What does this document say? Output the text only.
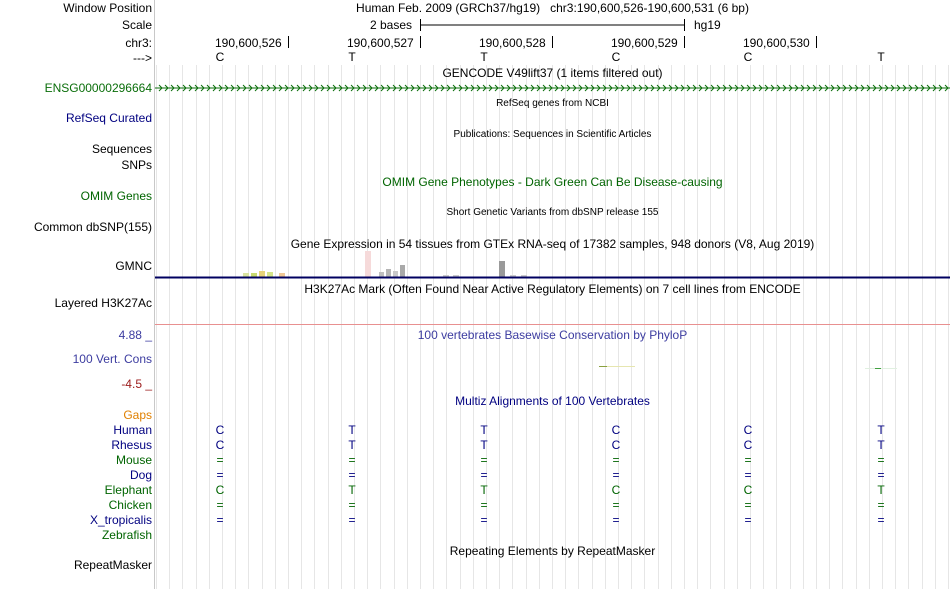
Window Position	Human Feb. 2009 (GRCh37/hg19)   chr3:190,600,526-190,600,531 (6 bp)
Scale	2 bases	hg19
chr3:	190,600,526	190,600,527	190,600,528	190,600,529	190,600,530
--->	C	T	T	C	C	T
GENCODE V49lift37 (1 items filtered out)
ENSG00000296664
RefSeq genes from NCBI
RefSeq Curated
Publications: Sequences in Scientific Articles
Sequences
SNPs
OMIM Gene Phenotypes - Dark Green Can Be Disease-causing
OMIM Genes
Short Genetic Variants from dbSNP release 155
Common dbSNP(155)
Gene Expression in 54 tissues from GTEx RNA-seq of 17382 samples, 948 donors (V8, Aug 2019)
GMNC
H3K27Ac Mark (Often Found Near Active Regulatory Elements) on 7 cell lines from ENCODE
Layered H3K27Ac
100 vertebrates Basewise Conservation by PhyloP
4.88 _
100 Vert. Cons
-4.5 _
Multiz Alignments of 100 Vertebrates
Gaps
Human	C	T	T	C	C	T
Rhesus	C	T	T	C	C	T
Mouse	=	=	=	=	=	=
Dog	=	=	=	=	=	=
Elephant	C	T	T	C	C	T
Chicken	=	=	=	=	=	=
X_tropicalis	=	=	=	=	=	=
Zebrafish
Repeating Elements by RepeatMasker
RepeatMasker
